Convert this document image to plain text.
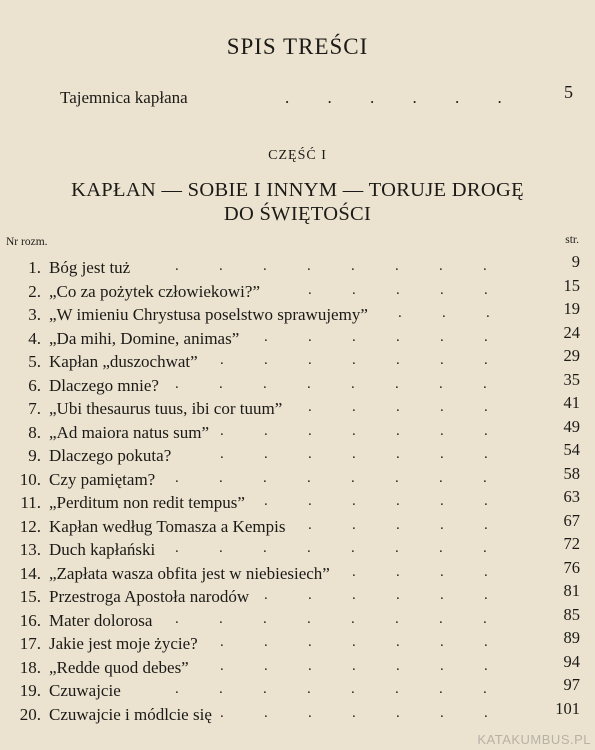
SPIS TREŚCI
Tajemnica kapłana	.         .         .         .         .         .	5
CZĘŚĆ I
KAPŁAN — SOBIE I INNYM — TORUJE DROGĘ
DO ŚWIĘTOŚCI
Nr rozm.	str.
1. Bóg jest tuż	.	.	.	.	.	.	.	.	9
2. „Co za pożytek człowiekowi?”	.	.	.	.	.	15
3. „W imieniu Chrystusa poselstwo sprawujemy” .	.	.	19
4. „Da mihi, Domine, animas” .	.	.	.	.	.	24
5. Kapłan „duszochwat” .	.	.	.	.	.	.	29
6. Dlaczego mnie? .	.	.	.	.	.	.	.	35
7. „Ubi thesaurus tuus, ibi cor tuum” .	.	.	.	.	41
8. „Ad maiora natus sum” .	.	.	.	.	.	.	49
9. Dlaczego pokuta?	.	.	.	.	.	.	.	54
10. Czy pamiętam? .	.	.	.	.	.	.	.	58
11. „Perditum non redit tempus” .	.	.	.	.	.	63
12. Kapłan według Tomasza a Kempis .	.	.	.	.	67
13. Duch kapłański .	.	.	.	.	.	.	.	72
14. „Zapłata wasza obfita jest w niebiesiech” .	.	.	.	76
15. Przestroga Apostoła narodów .	.	.	.	.	.	81
16. Mater dolorosa .	.	.	.	.	.	.	.	85
17. Jakie jest moje życie? .	.	.	.	.	.	.	89
18. „Redde quod debes” .	.	.	.	.	.	.	94
19. Czuwajcie	.	.	.	.	.	.	.	.	97
20. Czuwajcie i módlcie się .	.	.	.	.	.	.	101
KATAKUMBUS.PL
